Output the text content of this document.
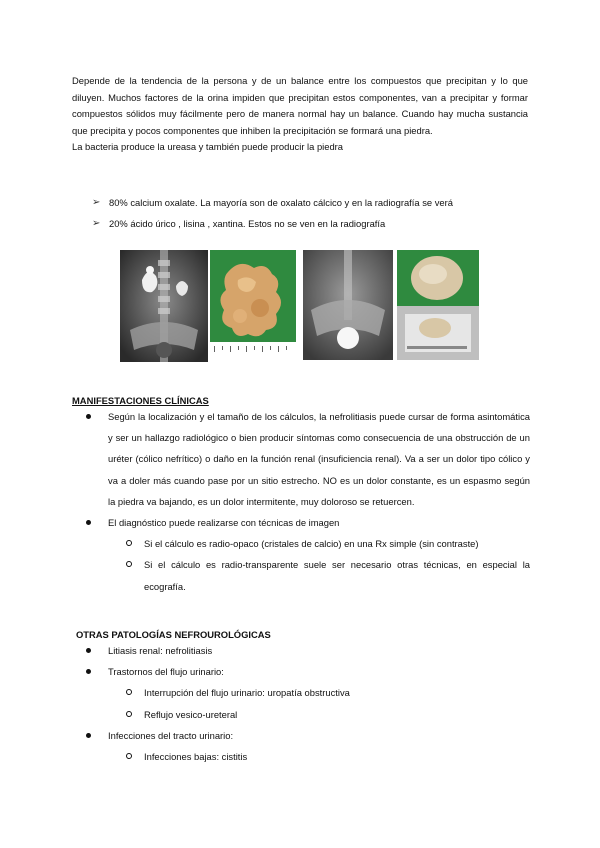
Depende de la tendencia de la persona y de un balance entre los compuestos que precipitan y lo que diluyen. Muchos factores de la orina impiden que precipitan estos componentes, van a precipitar y formar compuestos sólidos muy fácilmente pero de manera normal hay un balance. Cuando hay mucha sustancia que precipita y pocos componentes que inhiben la precipitación se formará una piedra.

La bacteria produce la ureasa y también puede producir la piedra

➢ 80% calcium oxalate. La mayoría son de oxalato cálcico y en la radiografía se verá
➢ 20% ácido úrico , lisina , xantina. Estos no se ven en la radiografía
MANIFESTACIONES CLÍNICAS
Según la localización y el tamaño de los cálculos, la nefrolitiasis puede cursar de forma asintomática y ser un hallazgo radiológico o bien producir síntomas como consecuencia de una obstrucción de un uréter (cólico nefrítico) o daño en la función renal (insuficiencia renal). Va a ser un dolor tipo cólico y va a doler más cuando pase por un sitio estrecho. NO es un dolor constante, es un espasmo según la piedra va bajando, es un dolor intermitente, muy doloroso se retuercen.
El diagnóstico puede realizarse con técnicas de imagen
Si el cálculo es radio-opaco (cristales de calcio) en una Rx simple (sin contraste)
Si el cálculo es radio-transparente suele ser necesario otras técnicas, en especial la ecografía.
OTRAS PATOLOGÍAS NEFROUROLÓGICAS
Litiasis renal: nefrolitiasis
Trastornos del flujo urinario:
Interrupción del flujo urinario: uropatía obstructiva
Reflujo vesico-ureteral
Infecciones del tracto urinario:
Infecciones bajas: cistitis
